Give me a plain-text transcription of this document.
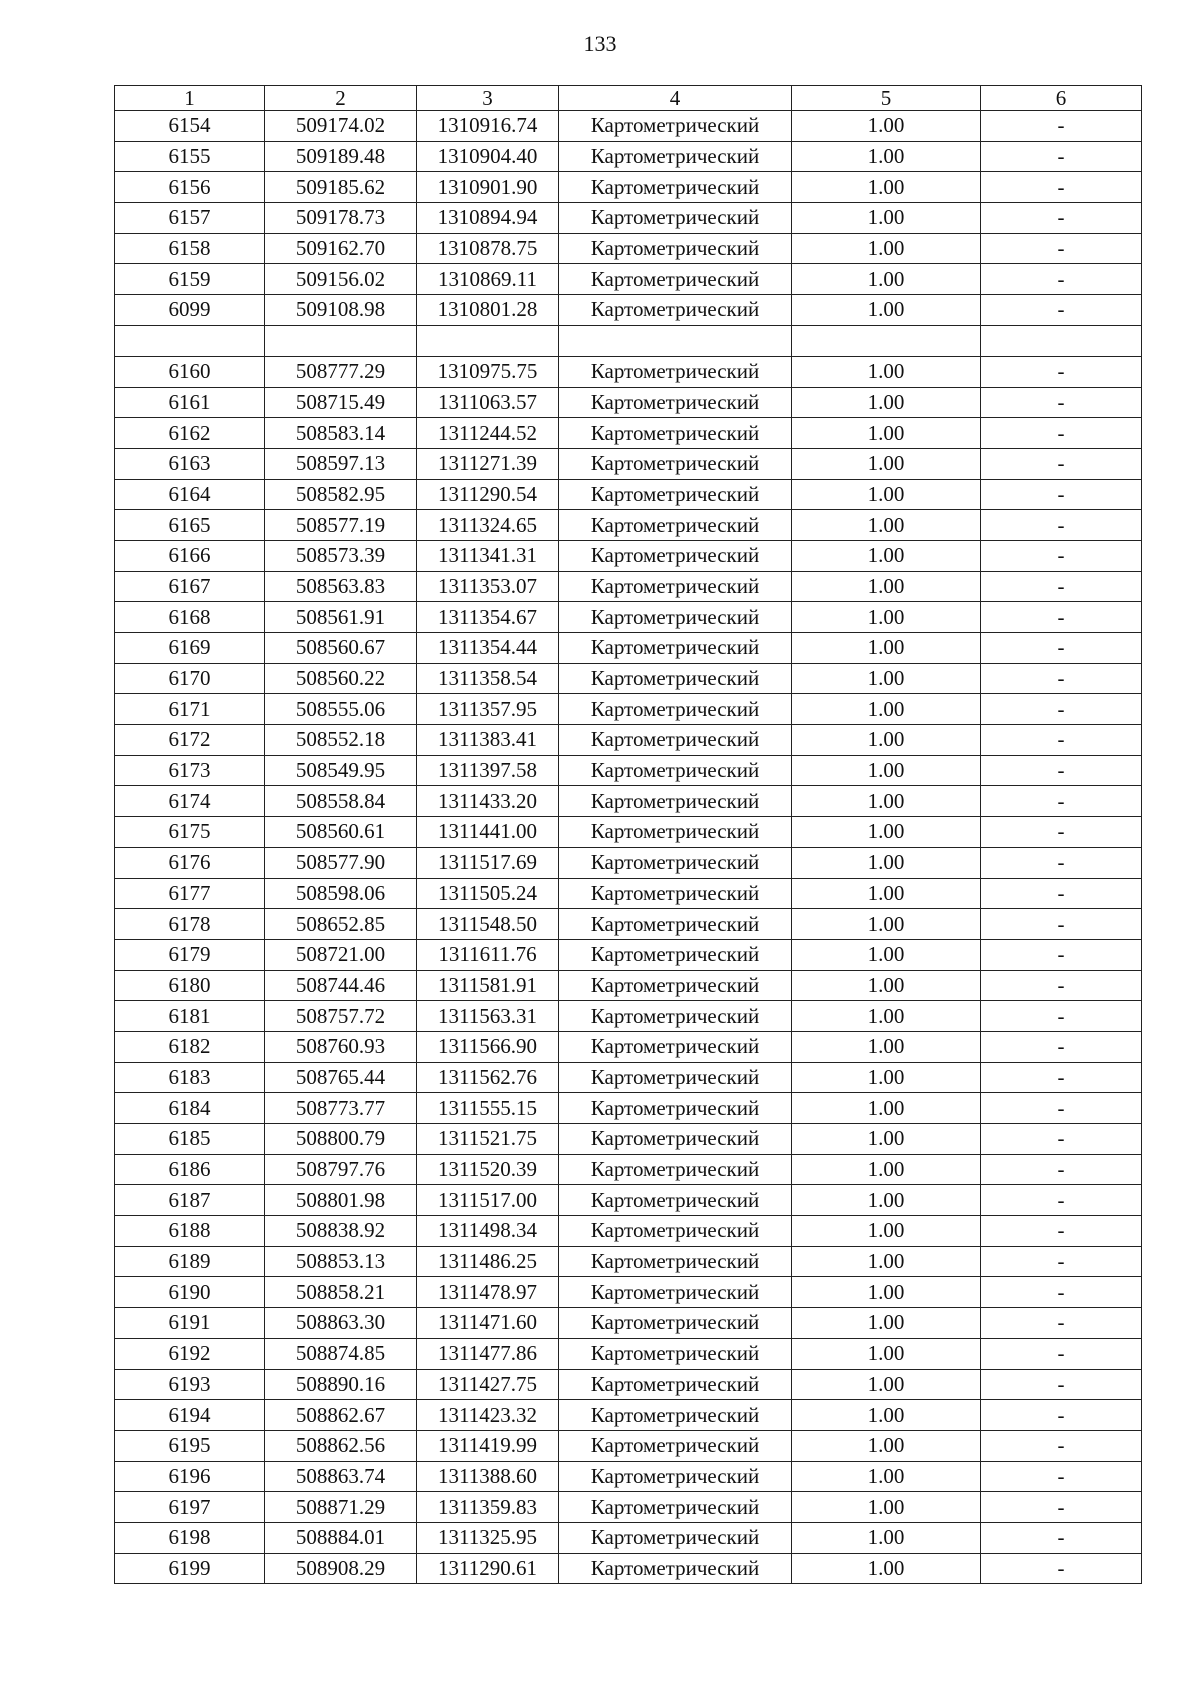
133
1	2	3	4	5	6
6154	509174.02	1310916.74	Картометрический	1.00	-
6155	509189.48	1310904.40	Картометрический	1.00	-
6156	509185.62	1310901.90	Картометрический	1.00	-
6157	509178.73	1310894.94	Картометрический	1.00	-
6158	509162.70	1310878.75	Картометрический	1.00	-
6159	509156.02	1310869.11	Картометрический	1.00	-
6099	509108.98	1310801.28	Картометрический	1.00	-

6160	508777.29	1310975.75	Картометрический	1.00	-
6161	508715.49	1311063.57	Картометрический	1.00	-
6162	508583.14	1311244.52	Картометрический	1.00	-
6163	508597.13	1311271.39	Картометрический	1.00	-
6164	508582.95	1311290.54	Картометрический	1.00	-
6165	508577.19	1311324.65	Картометрический	1.00	-
6166	508573.39	1311341.31	Картометрический	1.00	-
6167	508563.83	1311353.07	Картометрический	1.00	-
6168	508561.91	1311354.67	Картометрический	1.00	-
6169	508560.67	1311354.44	Картометрический	1.00	-
6170	508560.22	1311358.54	Картометрический	1.00	-
6171	508555.06	1311357.95	Картометрический	1.00	-
6172	508552.18	1311383.41	Картометрический	1.00	-
6173	508549.95	1311397.58	Картометрический	1.00	-
6174	508558.84	1311433.20	Картометрический	1.00	-
6175	508560.61	1311441.00	Картометрический	1.00	-
6176	508577.90	1311517.69	Картометрический	1.00	-
6177	508598.06	1311505.24	Картометрический	1.00	-
6178	508652.85	1311548.50	Картометрический	1.00	-
6179	508721.00	1311611.76	Картометрический	1.00	-
6180	508744.46	1311581.91	Картометрический	1.00	-
6181	508757.72	1311563.31	Картометрический	1.00	-
6182	508760.93	1311566.90	Картометрический	1.00	-
6183	508765.44	1311562.76	Картометрический	1.00	-
6184	508773.77	1311555.15	Картометрический	1.00	-
6185	508800.79	1311521.75	Картометрический	1.00	-
6186	508797.76	1311520.39	Картометрический	1.00	-
6187	508801.98	1311517.00	Картометрический	1.00	-
6188	508838.92	1311498.34	Картометрический	1.00	-
6189	508853.13	1311486.25	Картометрический	1.00	-
6190	508858.21	1311478.97	Картометрический	1.00	-
6191	508863.30	1311471.60	Картометрический	1.00	-
6192	508874.85	1311477.86	Картометрический	1.00	-
6193	508890.16	1311427.75	Картометрический	1.00	-
6194	508862.67	1311423.32	Картометрический	1.00	-
6195	508862.56	1311419.99	Картометрический	1.00	-
6196	508863.74	1311388.60	Картометрический	1.00	-
6197	508871.29	1311359.83	Картометрический	1.00	-
6198	508884.01	1311325.95	Картометрический	1.00	-
6199	508908.29	1311290.61	Картометрический	1.00	-
